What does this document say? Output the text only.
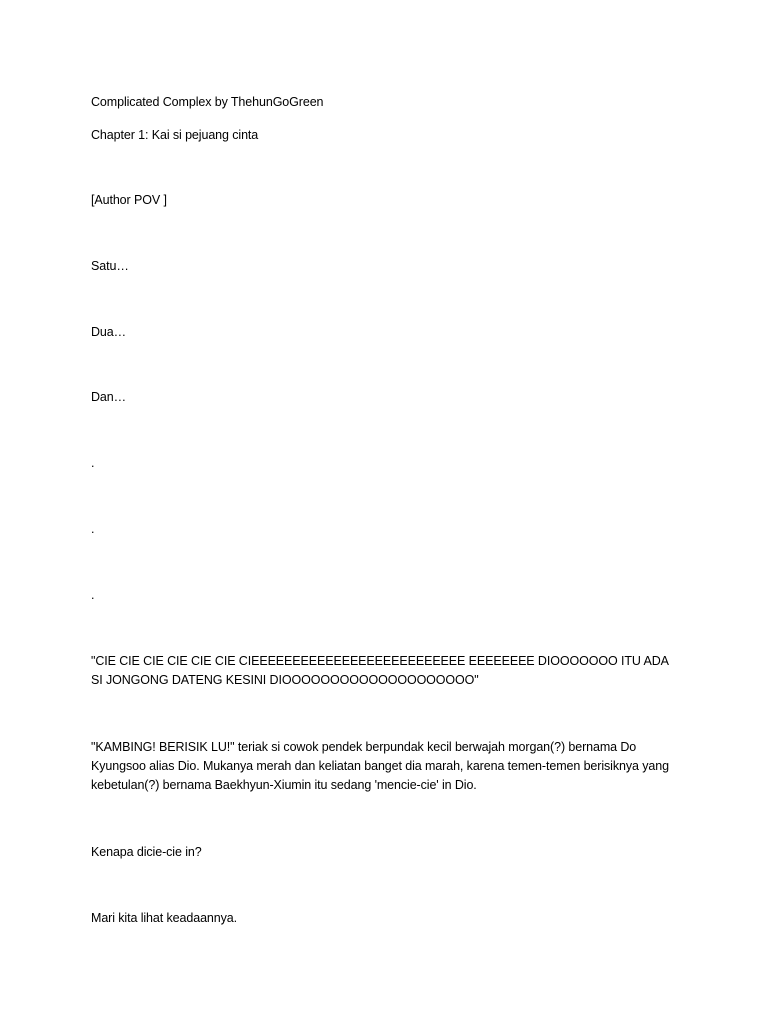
Complicated Complex by ThehunGoGreen

Chapter 1: Kai si pejuang cinta

[Author POV ]

Satu…

Dua…

Dan…

.

.

.

"CIE CIE CIE CIE CIE CIE CIEEEEEEEEEEEEEEEEEEEEEEEEEE EEEEEEEE DIOOOOOOO ITU ADA SI JONGONG DATENG KESINI DIOOOOOOOOOOOOOOOOOOOO"

"KAMBING! BERISIK LU!" teriak si cowok pendek berpundak kecil berwajah morgan(?) bernama Do Kyungsoo alias Dio. Mukanya merah dan keliatan banget dia marah, karena temen-temen berisiknya yang kebetulan(?) bernama Baekhyun-Xiumin itu sedang 'mencie-cie' in Dio.

Kenapa dicie-cie in?

Mari kita lihat keadaannya.
